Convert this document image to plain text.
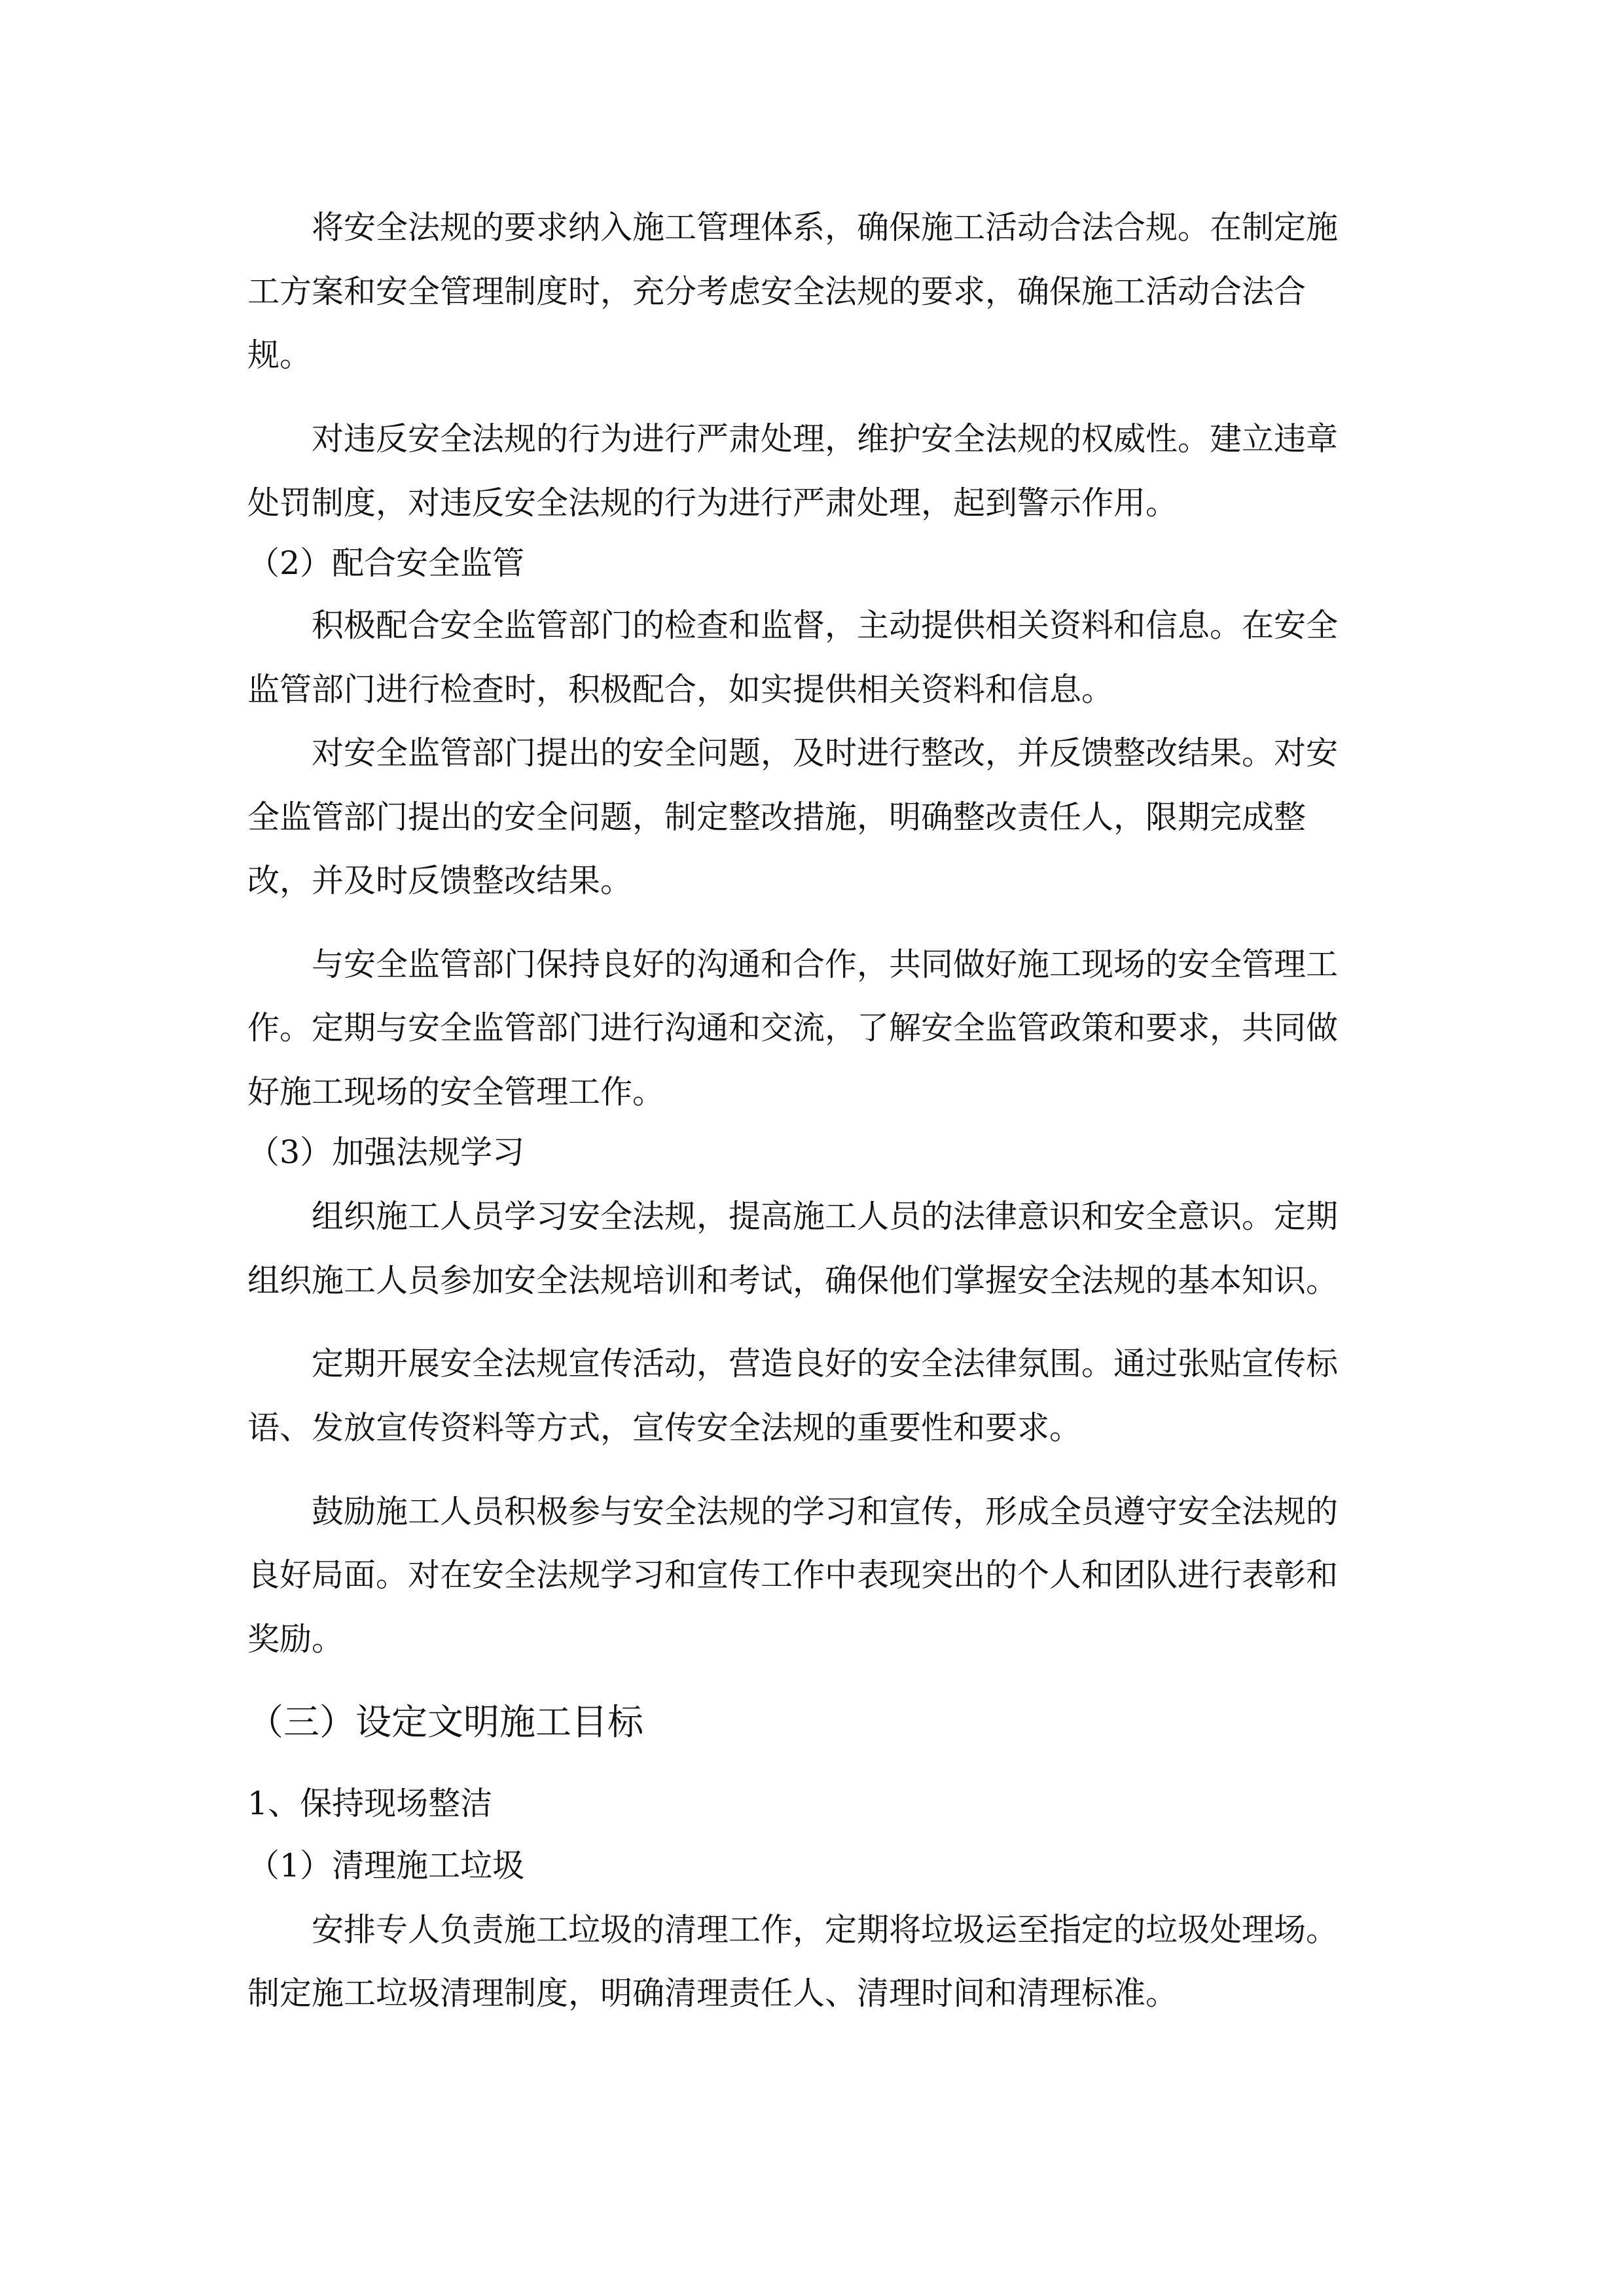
将安全法规的要求纳入施工管理体系，确保施工活动合法合规。在制定施
工方案和安全管理制度时，充分考虑安全法规的要求，确保施工活动合法合
规。
对违反安全法规的行为进行严肃处理，维护安全法规的权威性。建立违章
处罚制度，对违反安全法规的行为进行严肃处理，起到警示作用。
（2）配合安全监管
积极配合安全监管部门的检查和监督，主动提供相关资料和信息。在安全
监管部门进行检查时，积极配合，如实提供相关资料和信息。
对安全监管部门提出的安全问题，及时进行整改，并反馈整改结果。对安
全监管部门提出的安全问题，制定整改措施，明确整改责任人，限期完成整
改，并及时反馈整改结果。
与安全监管部门保持良好的沟通和合作，共同做好施工现场的安全管理工
作。定期与安全监管部门进行沟通和交流，了解安全监管政策和要求，共同做
好施工现场的安全管理工作。
（3）加强法规学习
组织施工人员学习安全法规，提高施工人员的法律意识和安全意识。定期
组织施工人员参加安全法规培训和考试，确保他们掌握安全法规的基本知识。
定期开展安全法规宣传活动，营造良好的安全法律氛围。通过张贴宣传标
语、发放宣传资料等方式，宣传安全法规的重要性和要求。
鼓励施工人员积极参与安全法规的学习和宣传，形成全员遵守安全法规的
良好局面。对在安全法规学习和宣传工作中表现突出的个人和团队进行表彰和
奖励。
（三）设定文明施工目标
1、保持现场整洁
（1）清理施工垃圾
安排专人负责施工垃圾的清理工作，定期将垃圾运至指定的垃圾处理场。
制定施工垃圾清理制度，明确清理责任人、清理时间和清理标准。
